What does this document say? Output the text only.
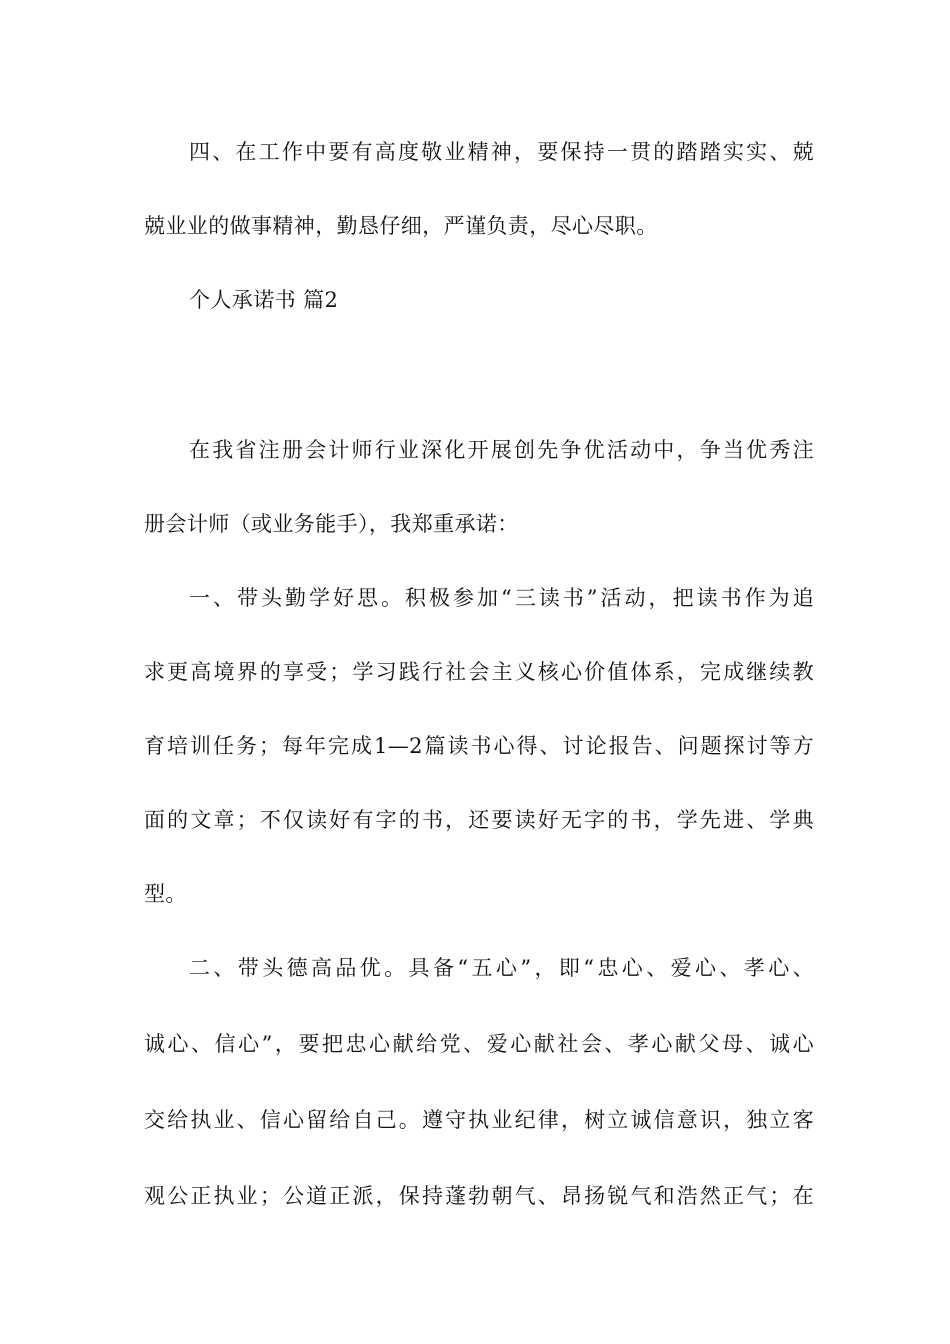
四、在工作中要有高度敬业精神，要保持一贯的踏踏实实、兢
兢业业的做事精神，勤恳仔细，严谨负责，尽心尽职。
个人承诺书 篇2
在我省注册会计师行业深化开展创先争优活动中，争当优秀注
册会计师（或业务能手），我郑重承诺：
一、带头勤学好思。积极参加“三读书”活动，把读书作为追
求更高境界的享受；学习践行社会主义核心价值体系，完成继续教
育培训任务；每年完成1—2篇读书心得、讨论报告、问题探讨等方
面的文章；不仅读好有字的书，还要读好无字的书，学先进、学典
型。
二、带头德高品优。具备“五心”，即“忠心、爱心、孝心、
诚心、信心”，要把忠心献给党、爱心献社会、孝心献父母、诚心
交给执业、信心留给自己。遵守执业纪律，树立诚信意识，独立客
观公正执业；公道正派，保持蓬勃朝气、昂扬锐气和浩然正气；在
